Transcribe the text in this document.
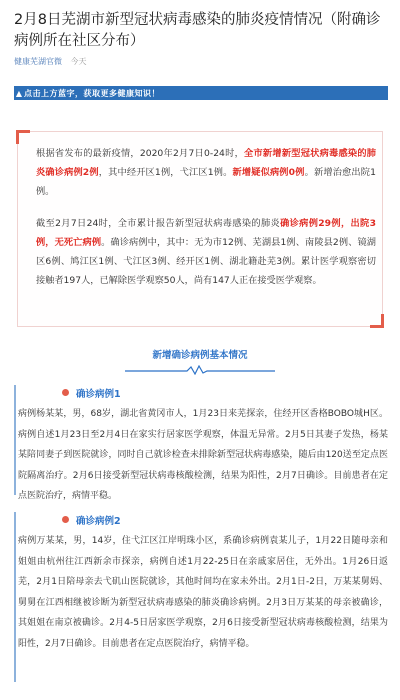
2月8日芜湖市新型冠状病毒感染的肺炎疫情情况（附确诊病例所在社区分布）
健康芜湖官微 今天
▲ 点击上方蓝字，获取更多健康知识！

根据省发布的最新疫情，2020年2月7日0-24时，全市新增新型冠状病毒感染的肺炎确诊病例2例，其中经开区1例，弋江区1例。新增疑似病例0例。新增治愈出院1例。

截至2月7日24时，全市累计报告新型冠状病毒感染的肺炎确诊病例29例，出院3例，无死亡病例。确诊病例中，其中：无为市12例、芜湖县1例、南陵县2例、镜湖区6例、鸠江区1例、弋江区3例、经开区1例、湖北籍赴芜3例。累计医学观察密切接触者197人，已解除医学观察50人，尚有147人正在接受医学观察。

新增确诊病例基本情况
确诊病例1
病例杨某某，男，68岁，湖北省黄冈市人，1月23日来芜探亲，住经开区香格BOBO城H区。病例自述1月23日至2月4日在家实行居家医学观察，体温无异常。2月5日其妻子发热，杨某某陪同妻子到医院就诊，同时自己就诊检查未排除新型冠状病毒感染，随后由120送至定点医院隔离治疗。2月6日接受新型冠状病毒核酸检测，结果为阳性，2月7日确诊。目前患者在定点医院治疗，病情平稳。
确诊病例2
病例万某某，男，14岁，住弋江区江岸明珠小区，系确诊病例袁某儿子，1月22日随母亲和姐姐由杭州往江西新余市探亲，病例自述1月22-25日在亲戚家居住，无外出。1月26日返芜，2月1日陪母亲去弋矶山医院就诊，其他时间均在家未外出。2月1日-2日，万某某舅妈、舅舅在江西相继被诊断为新型冠状病毒感染的肺炎确诊病例。2月3日万某某的母亲被确诊，其姐姐在南京被确诊。2月4-5日居家医学观察，2月6日接受新型冠状病毒核酸检测，结果为阳性，2月7日确诊。目前患者在定点医院治疗，病情平稳。
